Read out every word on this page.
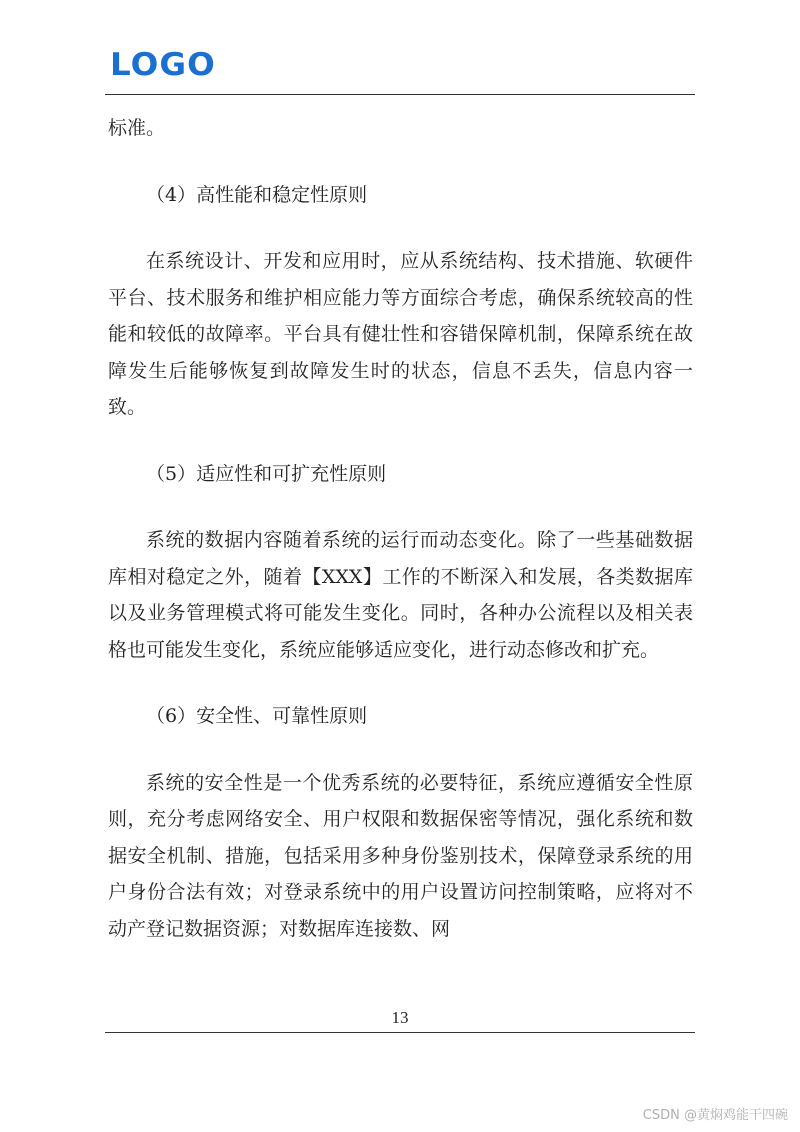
LOGO

标准。

（4）高性能和稳定性原则

在系统设计、开发和应用时，应从系统结构、技术措施、软硬件平台、技术服务和维护相应能力等方面综合考虑，确保系统较高的性能和较低的故障率。平台具有健壮性和容错保障机制，保障系统在故障发生后能够恢复到故障发生时的状态，信息不丢失，信息内容一致。

（5）适应性和可扩充性原则

系统的数据内容随着系统的运行而动态变化。除了一些基础数据库相对稳定之外，随着【XXX】工作的不断深入和发展，各类数据库以及业务管理模式将可能发生变化。同时，各种办公流程以及相关表格也可能发生变化，系统应能够适应变化，进行动态修改和扩充。

（6）安全性、可靠性原则

系统的安全性是一个优秀系统的必要特征，系统应遵循安全性原则，充分考虑网络安全、用户权限和数据保密等情况，强化系统和数据安全机制、措施，包括采用多种身份鉴别技术，保障登录系统的用户身份合法有效；对登录系统中的用户设置访问控制策略，应将对不动产登记数据资源；对数据库连接数、网

13
CSDN @黄焖鸡能干四碗
